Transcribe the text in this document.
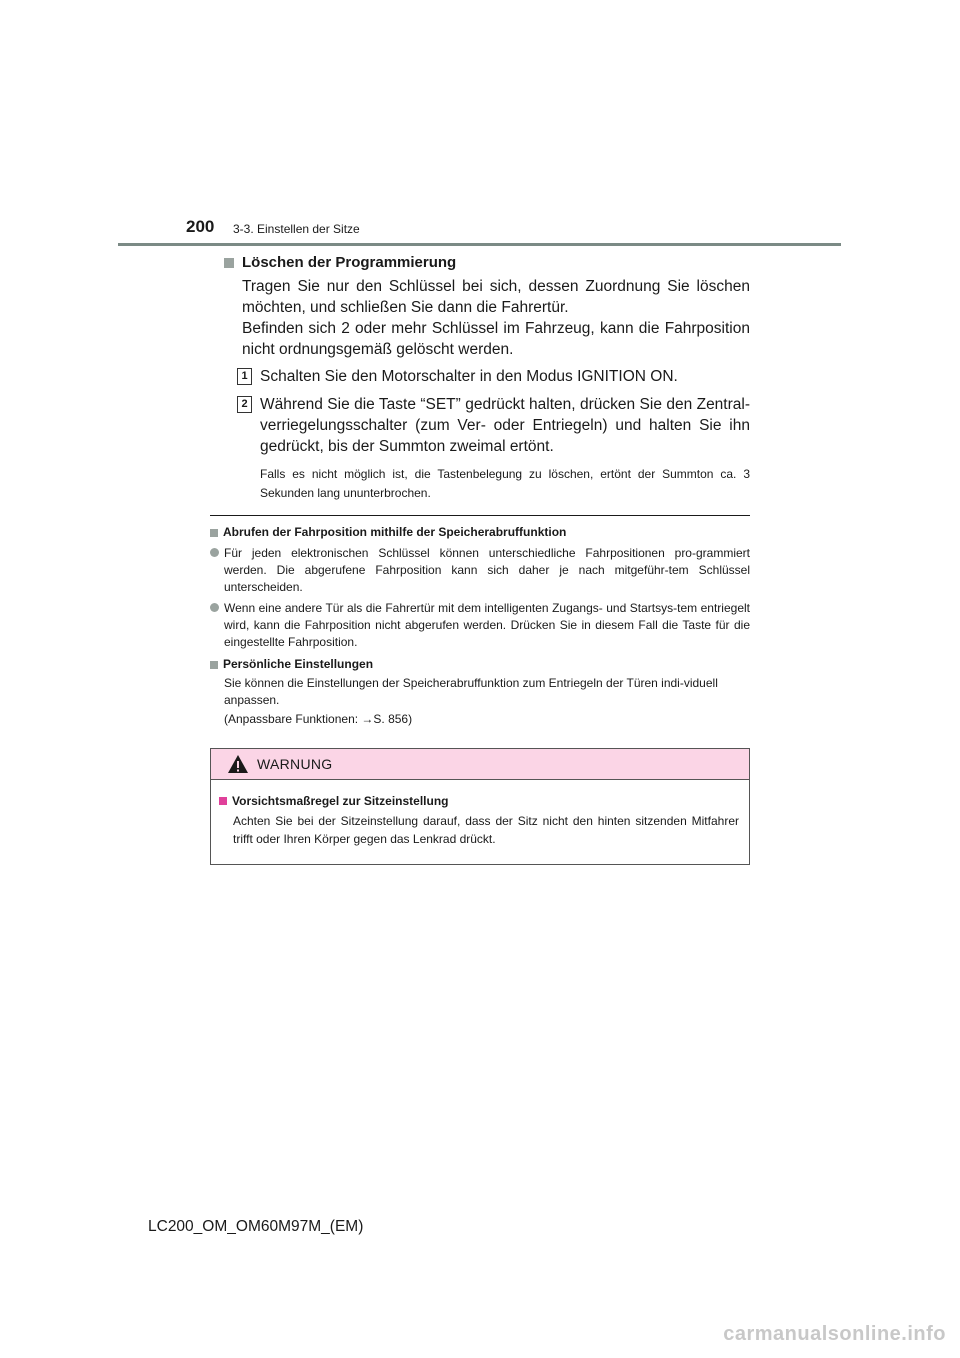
200 3-3. Einstellen der Sitze
Löschen der Programmierung

Tragen Sie nur den Schlüssel bei sich, dessen Zuordnung Sie löschen möchten, und schließen Sie dann die Fahrertür.

Befinden sich 2 oder mehr Schlüssel im Fahrzeug, kann die Fahrposition nicht ordnungsgemäß gelöscht werden.

1 Schalten Sie den Motorschalter in den Modus IGNITION ON.
2 Während Sie die Taste “SET” gedrückt halten, drücken Sie den Zentral-verriegelungsschalter (zum Ver- oder Entriegeln) und halten Sie ihn gedrückt, bis der Summton zweimal ertönt.

Falls es nicht möglich ist, die Tastenbelegung zu löschen, ertönt der Summton ca. 3 Sekunden lang ununterbrochen.

Abrufen der Fahrposition mithilfe der Speicherabruffunktion
Für jeden elektronischen Schlüssel können unterschiedliche Fahrpositionen pro-grammiert werden. Die abgerufene Fahrposition kann sich daher je nach mitgeführ-tem Schlüssel unterscheiden.
Wenn eine andere Tür als die Fahrertür mit dem intelligenten Zugangs- und Startsys-tem entriegelt wird, kann die Fahrposition nicht abgerufen werden. Drücken Sie in diesem Fall die Taste für die eingestellte Fahrposition.
Persönliche Einstellungen
Sie können die Einstellungen der Speicherabruffunktion zum Entriegeln der Türen indi-viduell anpassen.
(Anpassbare Funktionen: →S. 856)
WARNUNG
Vorsichtsmaßregel zur Sitzeinstellung

Achten Sie bei der Sitzeinstellung darauf, dass der Sitz nicht den hinten sitzenden Mitfahrer trifft oder Ihren Körper gegen das Lenkrad drückt.

LC200_OM_OM60M97M_(EM)
carmanualsonline.info
